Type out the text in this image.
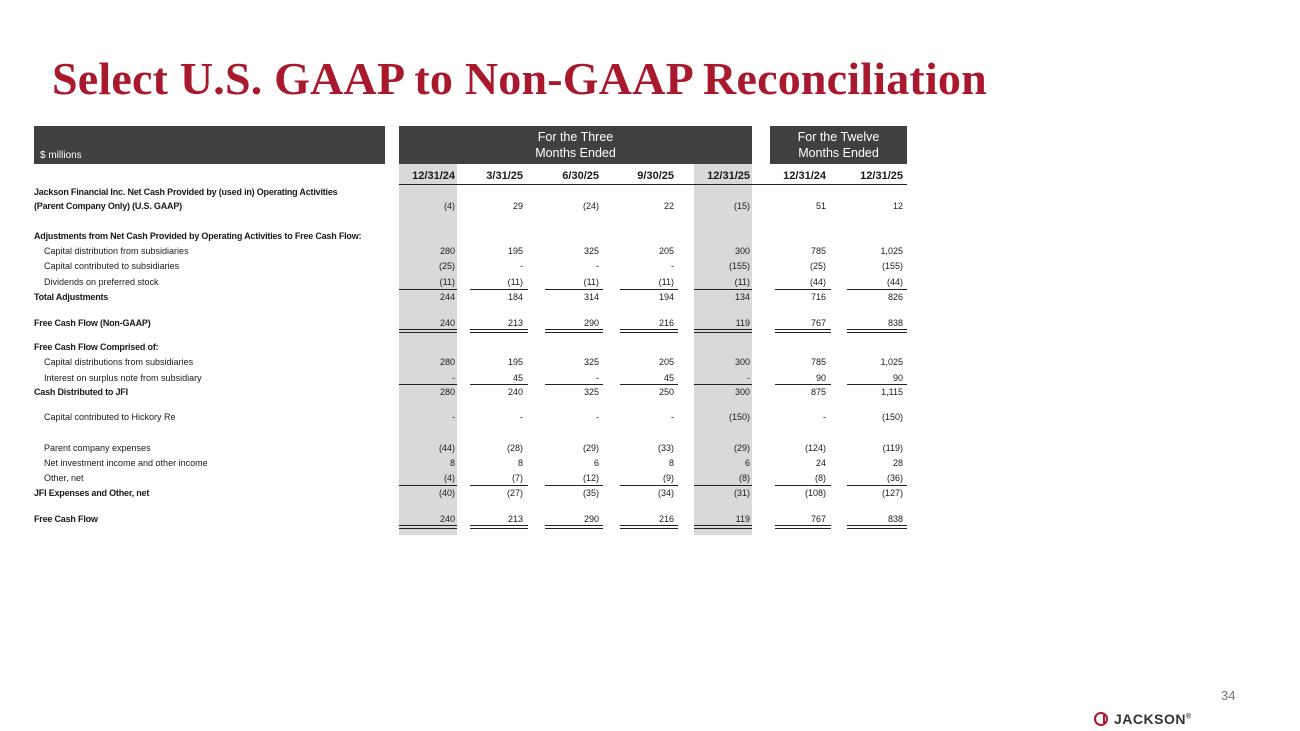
Select U.S. GAAP to Non-GAAP Reconciliation
$ millions
For the Three
Months Ended
For the Twelve
Months Ended
12/31/24	3/31/25	6/30/25	9/30/25	12/31/25	12/31/24	12/31/25
Jackson Financial Inc. Net Cash Provided by (used in) Operating Activities
(Parent Company Only) (U.S. GAAP)	(4)	29	(24)	22	(15)	51	12
Adjustments from Net Cash Provided by Operating Activities to Free Cash Flow:
Capital distribution from subsidiaries	280	195	325	205	300	785	1,025
Capital contributed to subsidiaries	(25)	-	-	-	(155)	(25)	(155)
Dividends on preferred stock	(11)	(11)	(11)	(11)	(11)	(44)	(44)
Total Adjustments	244	184	314	194	134	716	826
Free Cash Flow (Non-GAAP)	240	213	290	216	119	767	838
Free Cash Flow Comprised of:
Capital distributions from subsidiaries	280	195	325	205	300	785	1,025
Interest on surplus note from subsidiary	-	45	-	45	-	90	90
Cash Distributed to JFI	280	240	325	250	300	875	1,115
Capital contributed to Hickory Re	-	-	-	-	(150)	-	(150)
Parent company expenses	(44)	(28)	(29)	(33)	(29)	(124)	(119)
Net investment income and other income	8	8	6	8	6	24	28
Other, net	(4)	(7)	(12)	(9)	(8)	(8)	(36)
JFI Expenses and Other, net	(40)	(27)	(35)	(34)	(31)	(108)	(127)
Free Cash Flow	240	213	290	216	119	767	838
JACKSON®
34
